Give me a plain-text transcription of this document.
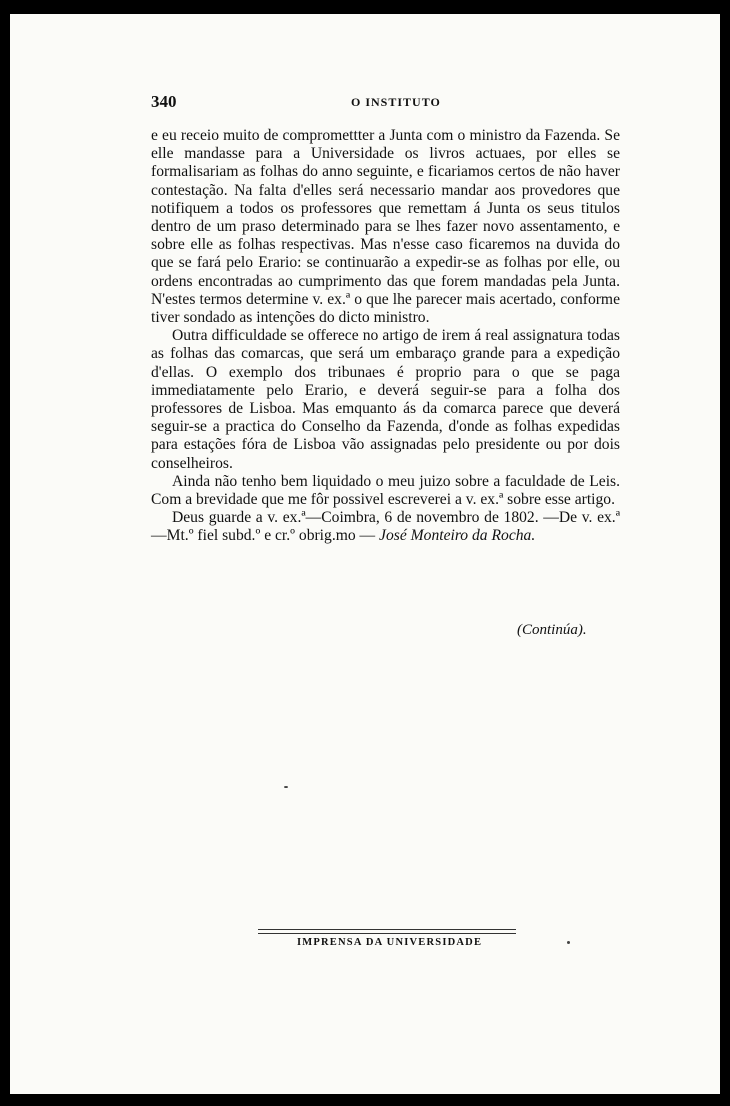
340	O INSTITUTO

e eu receio muito de compromettter a Junta com o ministro da Fazenda. Se elle mandasse para a Universidade os livros actuaes, por elles se formalisariam as folhas do anno seguinte, e ficariamos certos de não haver contestação. Na falta d'elles será necessario mandar aos provedores que notifiquem a todos os professores que remettam á Junta os seus titulos dentro de um praso determinado para se lhes fazer novo assentamento, e sobre elle as folhas respectivas. Mas n'esse caso ficaremos na duvida do que se fará pelo Erario: se continuarão a expedir-se as folhas por elle, ou ordens encontradas ao cumprimento das que forem mandadas pela Junta. N'estes termos determine v. ex.ª o que lhe parecer mais acertado, conforme tiver sondado as intenções do dicto ministro.

Outra difficuldade se offerece no artigo de irem á real assignatura todas as folhas das comarcas, que será um embaraço grande para a expedição d'ellas. O exemplo dos tribunaes é proprio para o que se paga immediatamente pelo Erario, e deverá seguir-se para a folha dos professores de Lisboa. Mas emquanto ás da comarca parece que deverá seguir-se a practica do Conselho da Fazenda, d'onde as folhas expedidas para estações fóra de Lisboa vão assignadas pelo presidente ou por dois conselheiros.

Ainda não tenho bem liquidado o meu juizo sobre a faculdade de Leis. Com a brevidade que me fôr possivel escreverei a v. ex.ª sobre esse artigo.

Deus guarde a v. ex.ª—Coimbra, 6 de novembro de 1802. —De v. ex.ª—Mt.º fiel subd.º e cr.º obrig.mo — José Monteiro da Rocha.

(Continúa).
IMPRENSA DA UNIVERSIDADE
